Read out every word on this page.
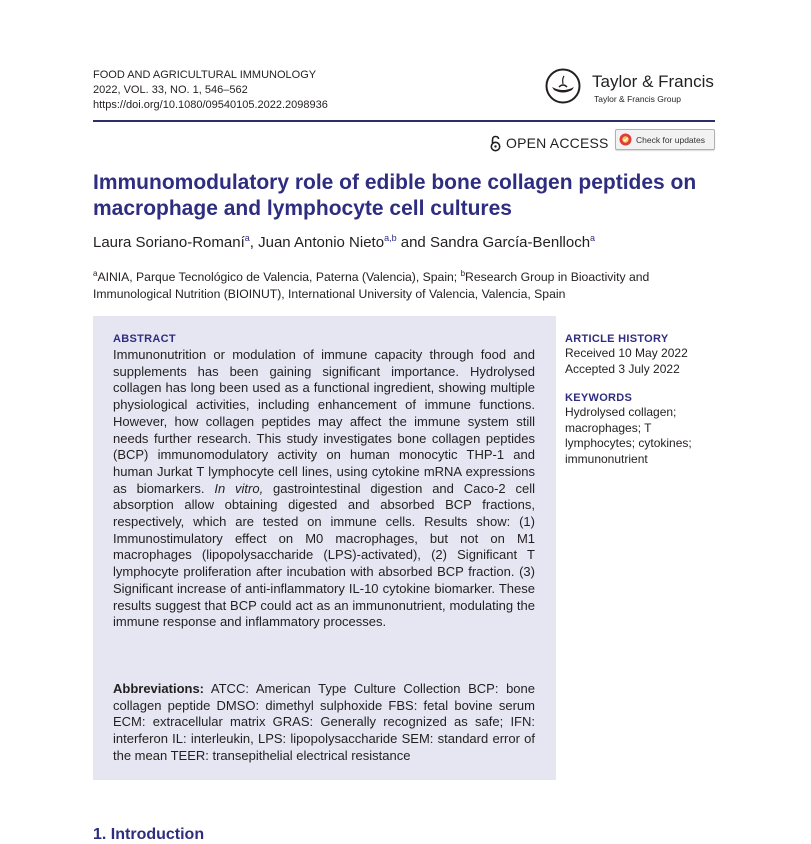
FOOD AND AGRICULTURAL IMMUNOLOGY
2022, VOL. 33, NO. 1, 546–562
https://doi.org/10.1080/09540105.2022.2098936
Taylor & Francis
Taylor & Francis Group
OPEN ACCESS	Check for updates
Immunomodulatory role of edible bone collagen peptides on macrophage and lymphocyte cell cultures
Laura Soriano-Romaní$^a$, Juan Antonio Nieto$^{a,b}$ and Sandra García-Benlloch$^a$
$^a$AINIA, Parque Tecnológico de Valencia, Paterna (Valencia), Spain; $^b$Research Group in Bioactivity and Immunological Nutrition (BIOINUT), International University of Valencia, Valencia, Spain
ABSTRACT
Immunonutrition or modulation of immune capacity through food and supplements has been gaining significant importance. Hydrolysed collagen has long been used as a functional ingredient, showing multiple physiological activities, including enhancement of immune functions. However, how collagen peptides may affect the immune system still needs further research. This study investigates bone collagen peptides (BCP) immunomodulatory activity on human monocytic THP-1 and human Jurkat T lymphocyte cell lines, using cytokine mRNA expressions as biomarkers. In vitro, gastrointestinal digestion and Caco-2 cell absorption allow obtaining digested and absorbed BCP fractions, respectively, which are tested on immune cells. Results show: (1) Immunostimulatory effect on M0 macrophages, but not on M1 macrophages (lipopolysaccharide (LPS)-activated), (2) Significant T lymphocyte proliferation after incubation with absorbed BCP fraction. (3) Significant increase of anti-inflammatory IL-10 cytokine biomarker. These results suggest that BCP could act as an immunonutrient, modulating the immune response and inflammatory processes.
Abbreviations: ATCC: American Type Culture Collection BCP: bone collagen peptide DMSO: dimethyl sulphoxide FBS: fetal bovine serum ECM: extracellular matrix GRAS: Generally recognized as safe; IFN: interferon IL: interleukin, LPS: lipopolysaccharide SEM: standard error of the mean TEER: transepithelial electrical resistance
ARTICLE HISTORY
Received 10 May 2022
Accepted 3 July 2022
KEYWORDS
Hydrolysed collagen; macrophages; T lymphocytes; cytokines; immunonutrient
1. Introduction
